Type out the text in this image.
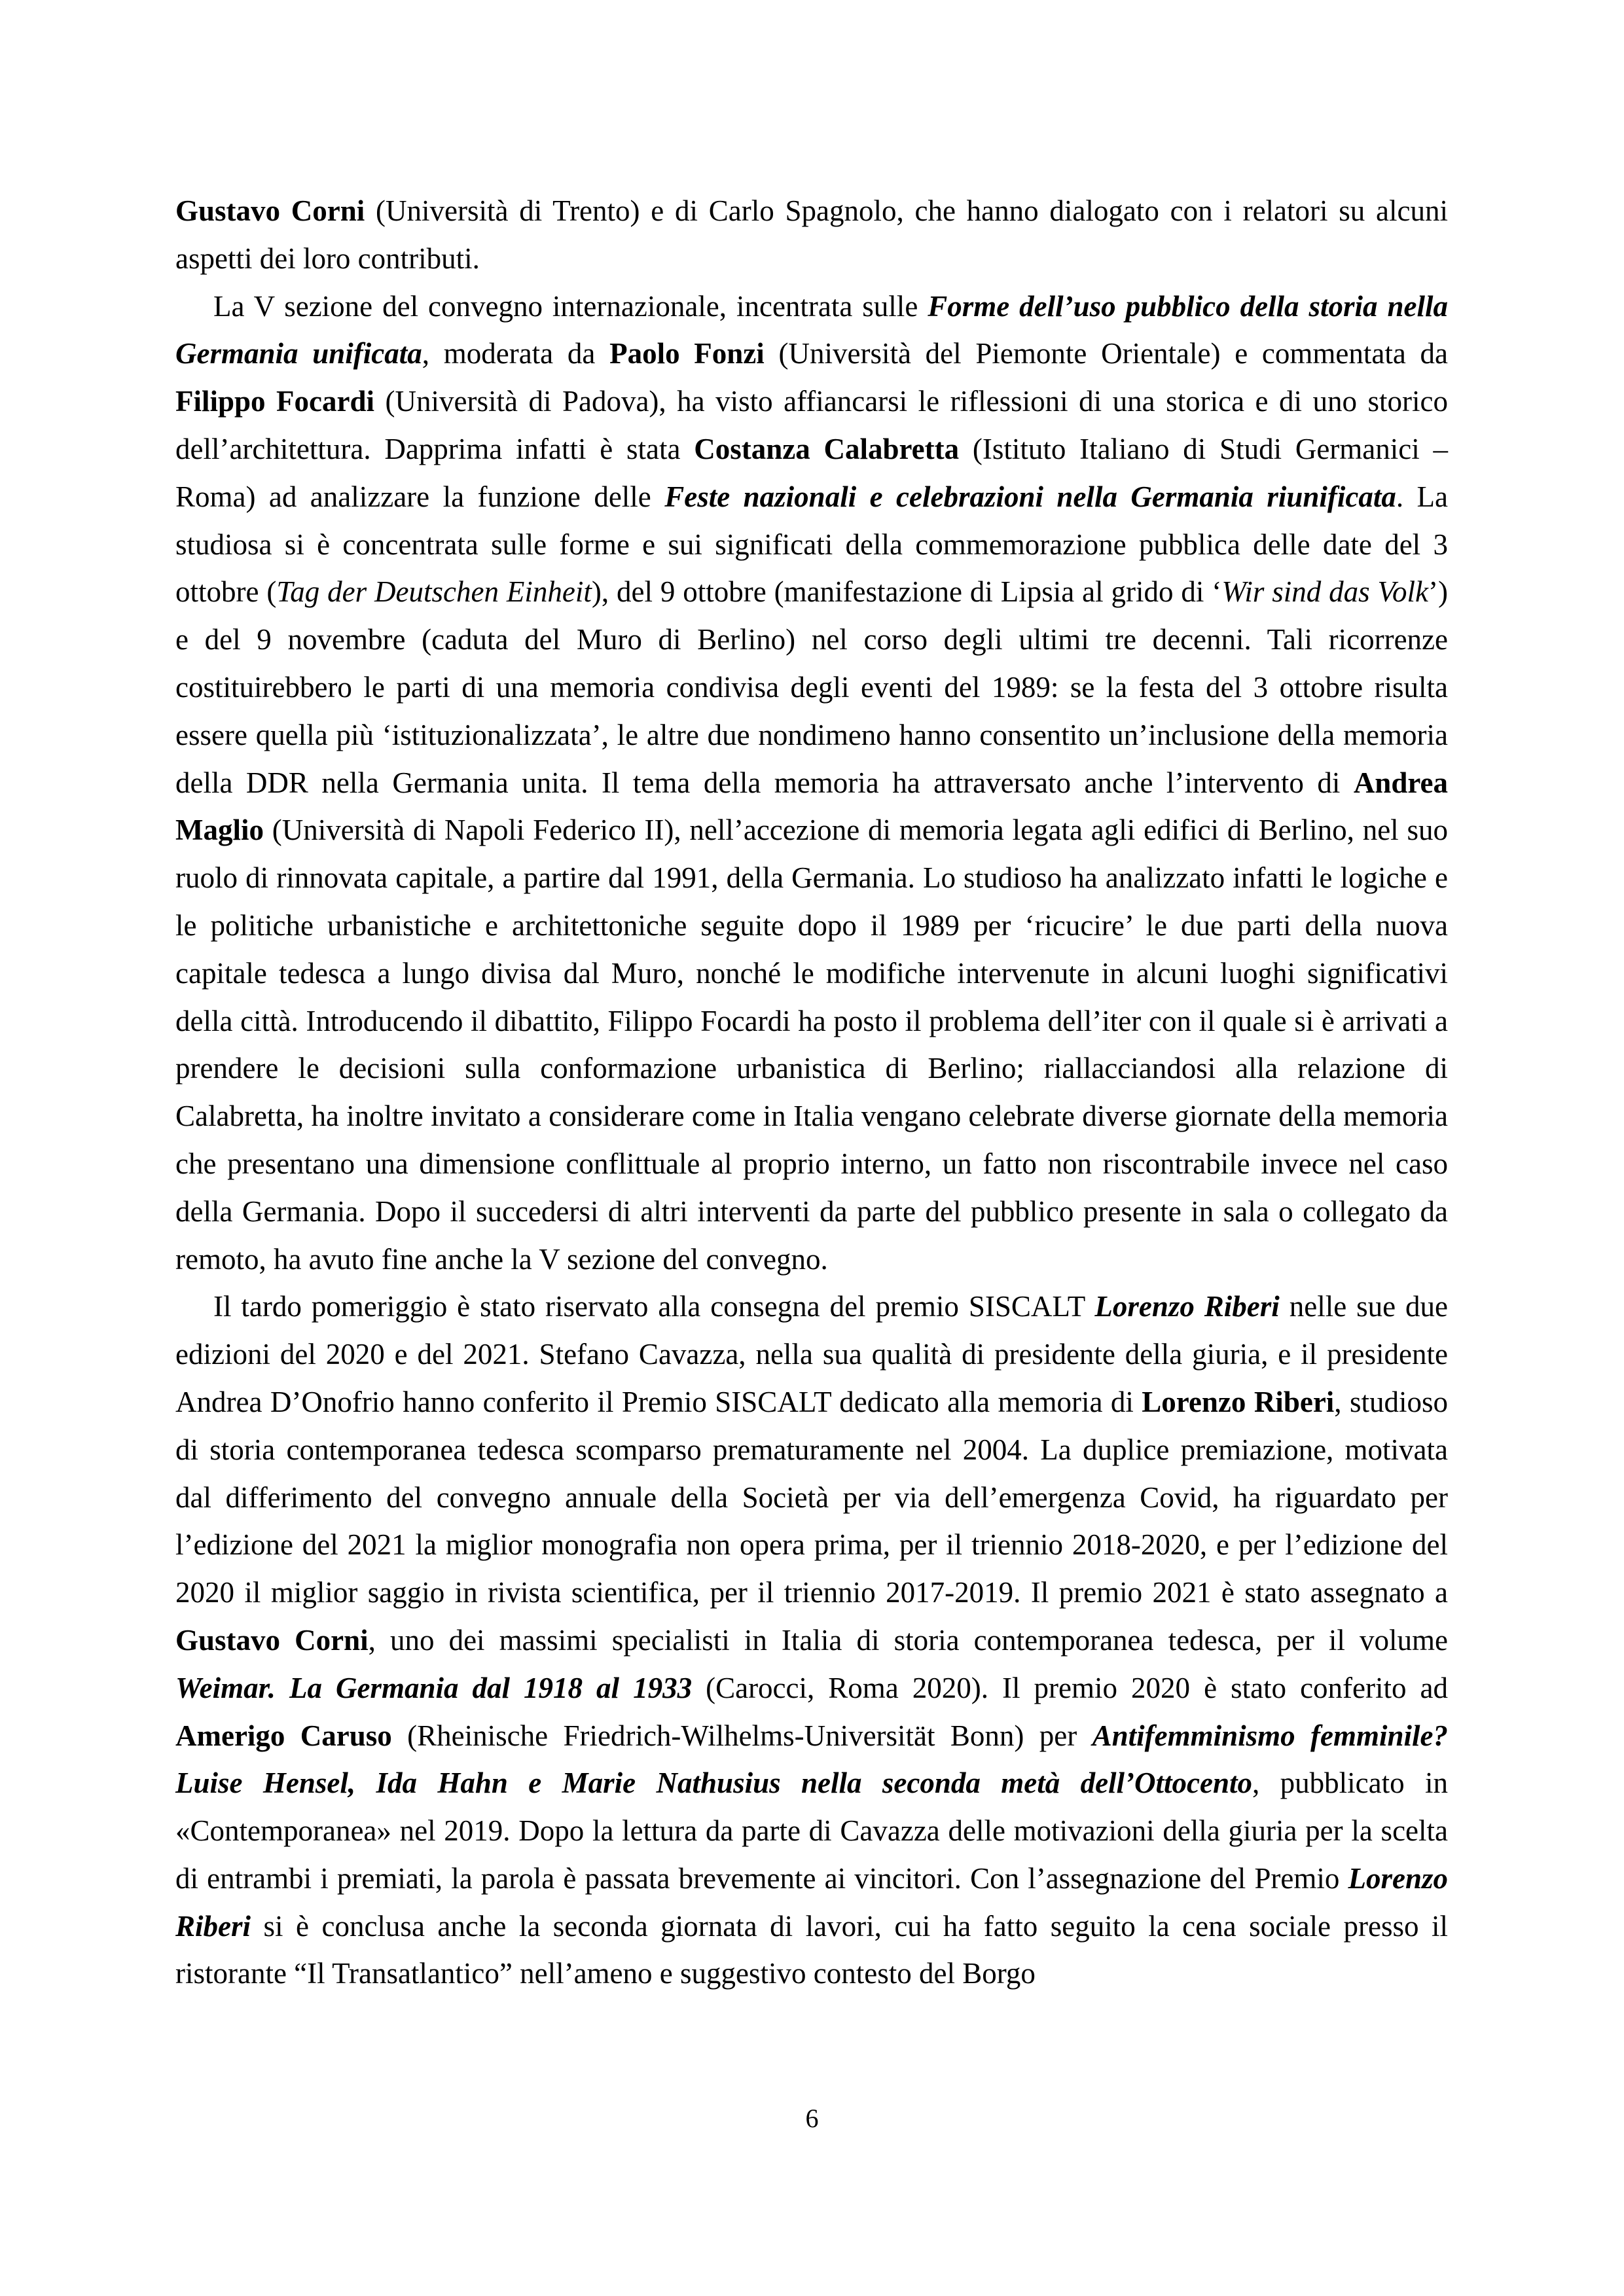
Gustavo Corni (Università di Trento) e di Carlo Spagnolo, che hanno dialogato con i relatori su alcuni aspetti dei loro contributi.

La V sezione del convegno internazionale, incentrata sulle Forme dell’uso pubblico della storia nella Germania unificata, moderata da Paolo Fonzi (Università del Piemonte Orientale) e commentata da Filippo Focardi (Università di Padova), ha visto affiancarsi le riflessioni di una storica e di uno storico dell’architettura. Dapprima infatti è stata Costanza Calabretta (Istituto Italiano di Studi Germanici – Roma) ad analizzare la funzione delle Feste nazionali e celebrazioni nella Germania riunificata. La studiosa si è concentrata sulle forme e sui significati della commemorazione pubblica delle date del 3 ottobre (Tag der Deutschen Einheit), del 9 ottobre (manifestazione di Lipsia al grido di ‘Wir sind das Volk’) e del 9 novembre (caduta del Muro di Berlino) nel corso degli ultimi tre decenni. Tali ricorrenze costituirebbero le parti di una memoria condivisa degli eventi del 1989: se la festa del 3 ottobre risulta essere quella più ‘istituzionalizzata’, le altre due nondimeno hanno consentito un’inclusione della memoria della DDR nella Germania unita. Il tema della memoria ha attraversato anche l’intervento di Andrea Maglio (Università di Napoli Federico II), nell’accezione di memoria legata agli edifici di Berlino, nel suo ruolo di rinnovata capitale, a partire dal 1991, della Germania. Lo studioso ha analizzato infatti le logiche e le politiche urbanistiche e architettoniche seguite dopo il 1989 per ‘ricucire’ le due parti della nuova capitale tedesca a lungo divisa dal Muro, nonché le modifiche intervenute in alcuni luoghi significativi della città. Introducendo il dibattito, Filippo Focardi ha posto il problema dell’iter con il quale si è arrivati a prendere le decisioni sulla conformazione urbanistica di Berlino; riallacciandosi alla relazione di Calabretta, ha inoltre invitato a considerare come in Italia vengano celebrate diverse giornate della memoria che presentano una dimensione conflittuale al proprio interno, un fatto non riscontrabile invece nel caso della Germania. Dopo il succedersi di altri interventi da parte del pubblico presente in sala o collegato da remoto, ha avuto fine anche la V sezione del convegno.

Il tardo pomeriggio è stato riservato alla consegna del premio SISCALT Lorenzo Riberi nelle sue due edizioni del 2020 e del 2021. Stefano Cavazza, nella sua qualità di presidente della giuria, e il presidente Andrea D’Onofrio hanno conferito il Premio SISCALT dedicato alla memoria di Lorenzo Riberi, studioso di storia contemporanea tedesca scomparso prematuramente nel 2004. La duplice premiazione, motivata dal differimento del convegno annuale della Società per via dell’emergenza Covid, ha riguardato per l’edizione del 2021 la miglior monografia non opera prima, per il triennio 2018-2020, e per l’edizione del 2020 il miglior saggio in rivista scientifica, per il triennio 2017-2019. Il premio 2021 è stato assegnato a Gustavo Corni, uno dei massimi specialisti in Italia di storia contemporanea tedesca, per il volume Weimar. La Germania dal 1918 al 1933 (Carocci, Roma 2020). Il premio 2020 è stato conferito ad Amerigo Caruso (Rheinische Friedrich-Wilhelms-Universität Bonn) per Antifemminismo femminile? Luise Hensel, Ida Hahn e Marie Nathusius nella seconda metà dell’Ottocento, pubblicato in «Contemporanea» nel 2019. Dopo la lettura da parte di Cavazza delle motivazioni della giuria per la scelta di entrambi i premiati, la parola è passata brevemente ai vincitori. Con l’assegnazione del Premio Lorenzo Riberi si è conclusa anche la seconda giornata di lavori, cui ha fatto seguito la cena sociale presso il ristorante “Il Transatlantico” nell’ameno e suggestivo contesto del Borgo

6
